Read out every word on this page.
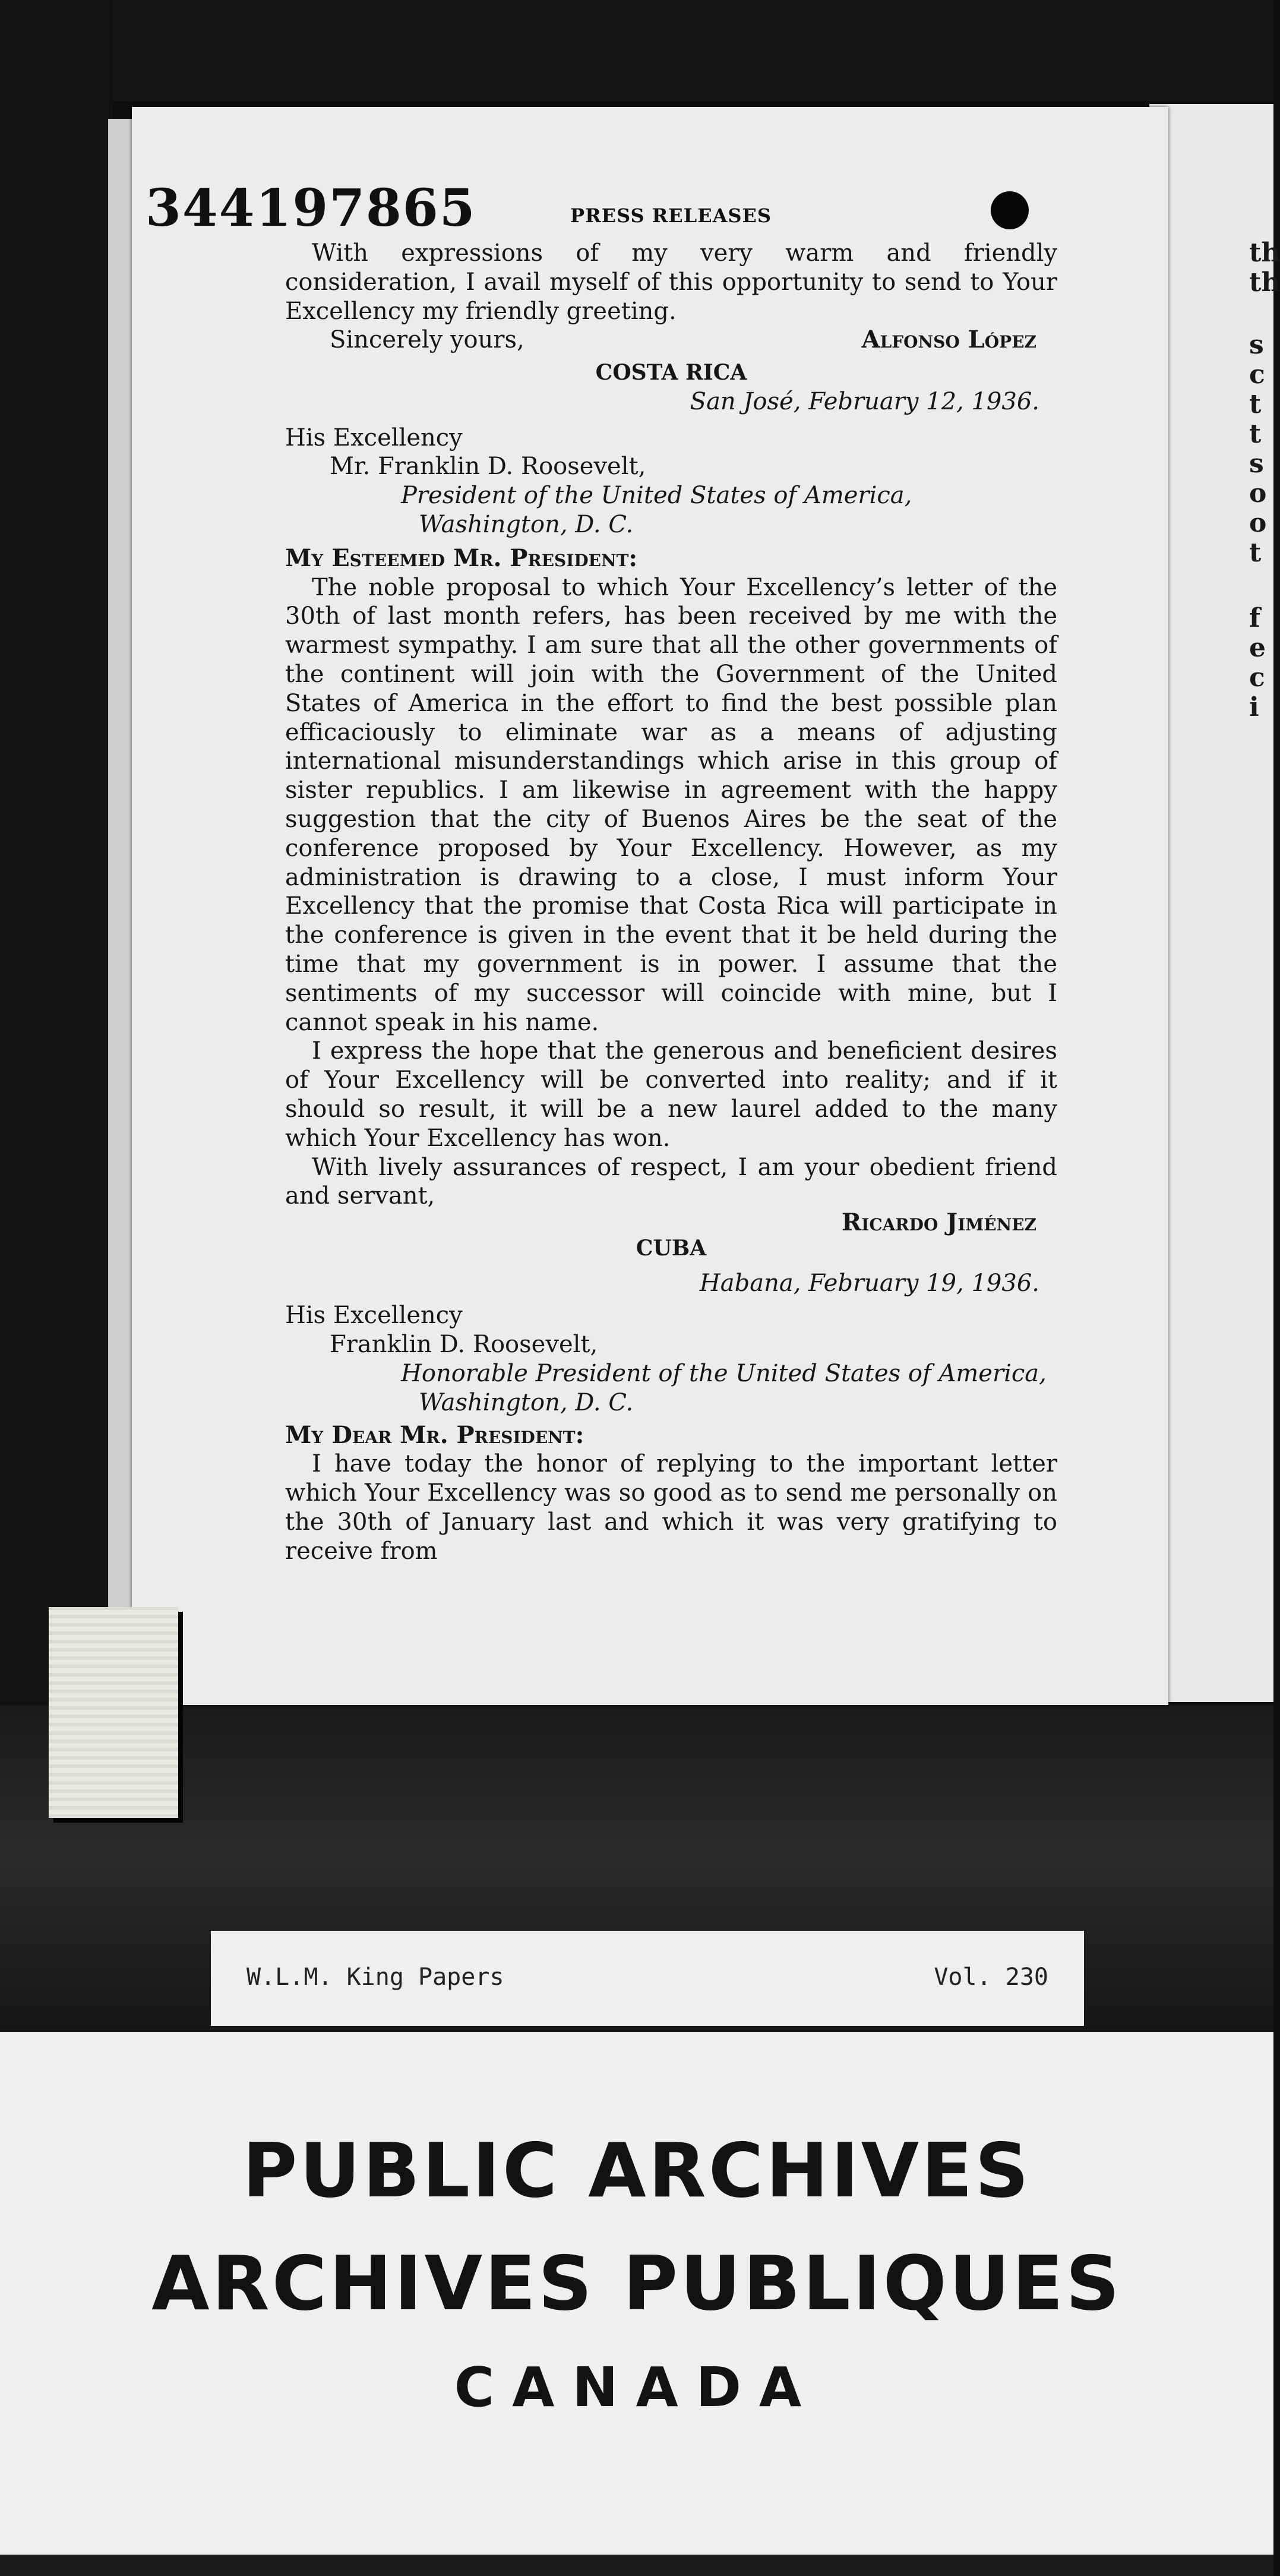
th
th
s
c
t
t
s
o
o
t
f
e
c
i
344197865	PRESS RELEASES

With expressions of my very warm and friendly consideration, I avail myself of this opportunity to send to Your Excellency my friendly greeting.

Sincerely yours,	Alfonso López

COSTA RICA

San José, February 12, 1936.

His Excellency

Mr. Franklin D. Roosevelt,

President of the United States of America,

Washington, D. C.

My Esteemed Mr. President:

The noble proposal to which Your Excellency’s letter of the 30th of last month refers, has been received by me with the warmest sympathy. I am sure that all the other governments of the continent will join with the Government of the United States of America in the effort to find the best possible plan efficaciously to eliminate war as a means of adjusting international misunderstandings which arise in this group of sister republics. I am likewise in agreement with the happy suggestion that the city of Buenos Aires be the seat of the conference proposed by Your Excellency. However, as my administration is drawing to a close, I must inform Your Excellency that the promise that Costa Rica will participate in the conference is given in the event that it be held during the time that my government is in power. I assume that the sentiments of my successor will coincide with mine, but I cannot speak in his name.

I express the hope that the generous and beneficient desires of Your Excellency will be converted into reality; and if it should so result, it will be a new laurel added to the many which Your Excellency has won.

With lively assurances of respect, I am your obedient friend and servant,

Ricardo Jiménez

CUBA

Habana, February 19, 1936.

His Excellency

Franklin D. Roosevelt,

Honorable President of the United States of America,

Washington, D. C.

My Dear Mr. President:

I have today the honor of replying to the important letter which Your Excellency was so good as to send me personally on the 30th of January last and which it was very gratifying to receive from

W.L.M. King Papers	Vol. 230
PUBLIC ARCHIVES
ARCHIVES PUBLIQUES
CANADA
